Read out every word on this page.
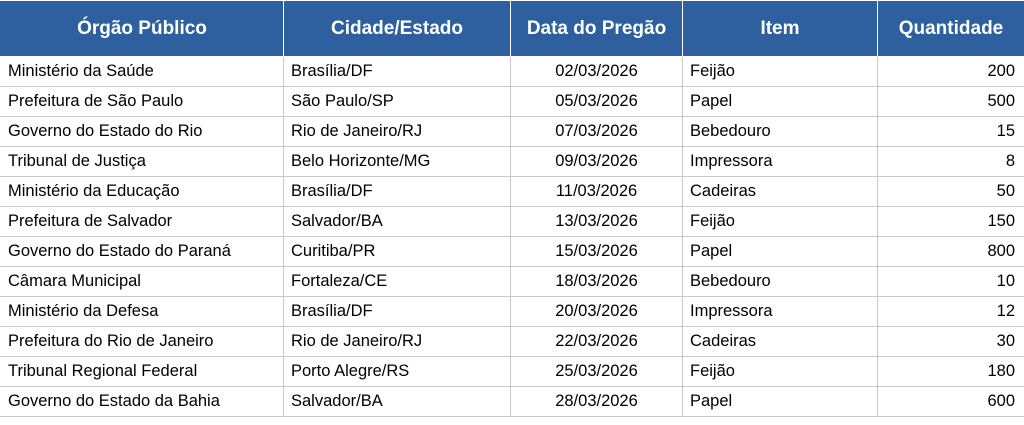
Órgão Público	Cidade/Estado	Data do Pregão	Item	Quantidade
Ministério da Saúde	Brasília/DF	02/03/2026	Feijão	200
Prefeitura de São Paulo	São Paulo/SP	05/03/2026	Papel	500
Governo do Estado do Rio	Rio de Janeiro/RJ	07/03/2026	Bebedouro	15
Tribunal de Justiça	Belo Horizonte/MG	09/03/2026	Impressora	8
Ministério da Educação	Brasília/DF	11/03/2026	Cadeiras	50
Prefeitura de Salvador	Salvador/BA	13/03/2026	Feijão	150
Governo do Estado do Paraná	Curitiba/PR	15/03/2026	Papel	800
Câmara Municipal	Fortaleza/CE	18/03/2026	Bebedouro	10
Ministério da Defesa	Brasília/DF	20/03/2026	Impressora	12
Prefeitura do Rio de Janeiro	Rio de Janeiro/RJ	22/03/2026	Cadeiras	30
Tribunal Regional Federal	Porto Alegre/RS	25/03/2026	Feijão	180
Governo do Estado da Bahia	Salvador/BA	28/03/2026	Papel	600
